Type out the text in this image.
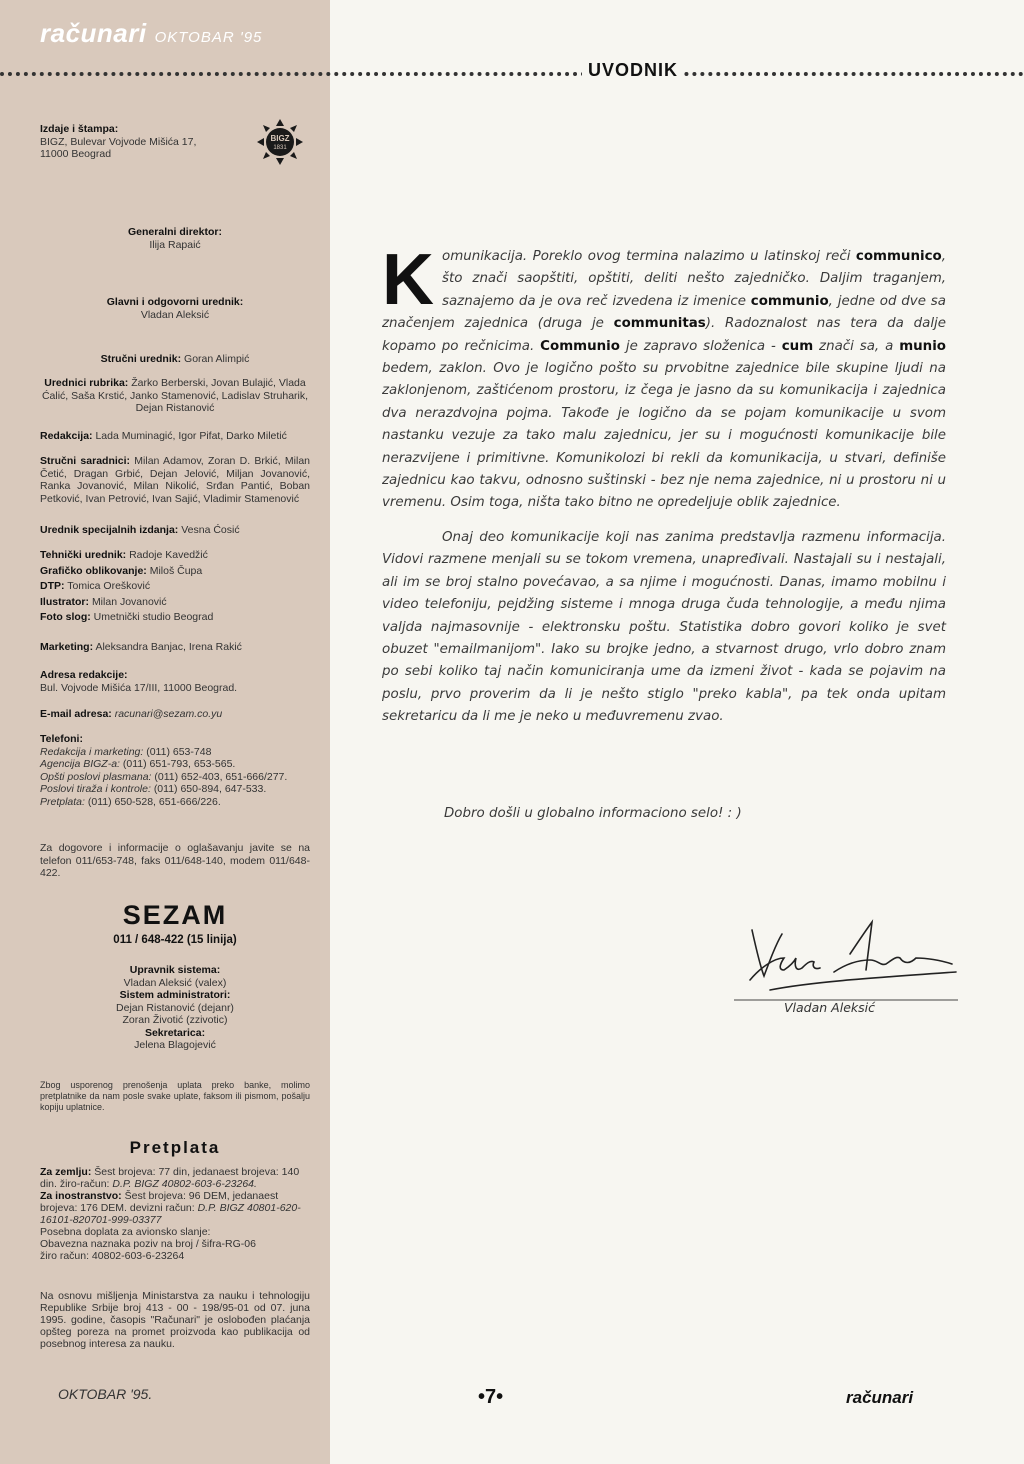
računari OKTOBAR '95
UVODNIK
Izdaje i štampa:
BIGZ, Bulevar Vojvode Mišića 17,
11000 Beograd
BIGZ
1831
Generalni direktor:
Ilija Rapaić
Glavni i odgovorni urednik:
Vladan Aleksić
Stručni urednik: Goran Alimpić
Urednici rubrika: Žarko Berberski, Jovan Bulajić, Vlada Ćalić, Saša Krstić, Janko Stamenović, Ladislav Struharik, Dejan Ristanović
Redakcija: Lada Muminagić, Igor Pifat, Darko Miletić
Stručni saradnici: Milan Adamov, Zoran D. Brkić, Milan Četić, Dragan Grbić, Dejan Jelović, Miljan Jovanović, Ranka Jovanović, Milan Nikolić, Srđan Pantić, Boban Petković, Ivan Petrović, Ivan Sajić, Vladimir Stamenović
Urednik specijalnih izdanja: Vesna Ćosić
Tehnički urednik: Radoje Kavedžić
Grafičko oblikovanje: Miloš Čupa
DTP: Tomica Orešković
Ilustrator: Milan Jovanović
Foto slog: Umetnički studio Beograd
Marketing: Aleksandra Banjac, Irena Rakić
Adresa redakcije:
Bul. Vojvode Mišića 17/III, 11000 Beograd.
E-mail adresa: racunari@sezam.co.yu
Telefoni:
Redakcija i marketing: (011) 653-748
Agencija BIGZ-a: (011) 651-793, 653-565.
Opšti poslovi plasmana: (011) 652-403, 651-666/277.
Poslovi tiraža i kontrole: (011) 650-894, 647-533.
Pretplata: (011) 650-528, 651-666/226.
Za dogovore i informacije o oglašavanju javite se na telefon 011/653-748, faks 011/648-140, modem 011/648-422.
SEZAM
011 / 648-422 (15 linija)
Upravnik sistema:
Vladan Aleksić (valex)
Sistem administratori:
Dejan Ristanović (dejanr)
Zoran Životić (zzivotic)
Sekretarica:
Jelena Blagojević
Zbog usporenog prenošenja uplata preko banke, molimo pretplatnike da nam posle svake uplate, faksom ili pismom, pošalju kopiju uplatnice.
Pretplata
Za zemlju: Šest brojeva: 77 din, jedanaest brojeva: 140 din. žiro-račun: D.P. BIGZ 40802-603-6-23264.
Za inostranstvo: Šest brojeva: 96 DEM, jedanaest brojeva: 176 DEM. devizni račun: D.P. BIGZ 40801-620-16101-820701-999-03377
Posebna doplata za avionsko slanje:
Obavezna naznaka poziv na broj / šifra-RG-06
žiro račun: 40802-603-6-23264
Na osnovu mišljenja Ministarstva za nauku i tehnologiju Republike Srbije broj 413 - 00 - 198/95-01 od 07. juna 1995. godine, časopis "Računari" je oslobođen plaćanja opšteg poreza na promet proizvoda kao publikacija od posebnog interesa za nauku.
K omunikacija. Poreklo ovog termina nalazimo u latinskoj reči communico, što znači saopštiti, opštiti, deliti nešto zajedničko. Daljim traganjem, saznajemo da je ova reč izvedena iz imenice communio, jedne od dve sa značenjem zajednica (druga je communitas). Radoznalost nas tera da dalje kopamo po rečnicima. Communio je zapravo složenica - cum znači sa, a munio bedem, zaklon. Ovo je logično pošto su prvobitne zajednice bile skupine ljudi na zaklonjenom, zaštićenom prostoru, iz čega je jasno da su komunikacija i zajednica dva nerazdvojna pojma. Takođe je logično da se pojam komunikacije u svom nastanku vezuje za tako malu zajednicu, jer su i mogućnosti komunikacije bile nerazvijene i primitivne. Komunikolozi bi rekli da komunikacija, u stvari, definiše zajednicu kao takvu, odnosno suštinski - bez nje nema zajednice, ni u prostoru ni u vremenu. Osim toga, ništa tako bitno ne opredeljuje oblik zajednice.

Onaj deo komunikacije koji nas zanima predstavlja razmenu informacija. Vidovi razmene menjali su se tokom vremena, unapređivali. Nastajali su i nestajali, ali im se broj stalno povećavao, a sa njime i mogućnosti. Danas, imamo mobilnu i video telefoniju, pejdžing sisteme i mnoga druga čuda tehnologije, a među njima valjda najmasovnije - elektronsku poštu. Statistika dobro govori koliko je svet obuzet "emailmanijom". Iako su brojke jedno, a stvarnost drugo, vrlo dobro znam po sebi koliko taj način komuniciranja ume da izmeni život - kada se pojavim na poslu, prvo proverim da li je nešto stiglo "preko kabla", pa tek onda upitam sekretaricu da li me je neko u međuvremenu zvao.

Dobro došli u globalno informaciono selo! : )
Vladan Aleksić
OKTOBAR '95.	•7•	računari
